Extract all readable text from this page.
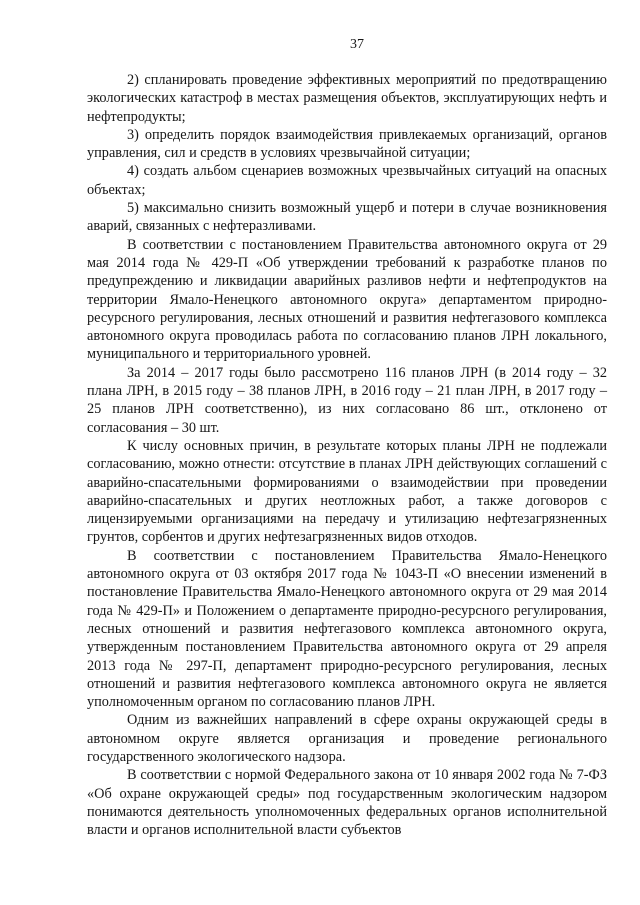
37

2) спланировать проведение эффективных мероприятий по предотвращению экологических катастроф в местах размещения объектов, эксплуатирующих нефть и нефтепродукты;

3) определить порядок взаимодействия привлекаемых организаций, органов управления, сил и средств в условиях чрезвычайной ситуации;

4) создать альбом сценариев возможных чрезвычайных ситуаций на опасных объектах;

5) максимально снизить возможный ущерб и потери в случае возникновения аварий, связанных с нефтеразливами.

В соответствии с постановлением Правительства автономного округа от 29 мая 2014 года № 429-П «Об утверждении требований к разработке планов по предупреждению и ликвидации аварийных разливов нефти и нефтепродуктов на территории Ямало-Ненецкого автономного округа» департаментом природно-ресурсного регулирования, лесных отношений и развития нефтегазового комплекса автономного округа проводилась работа по согласованию планов ЛРН локального, муниципального и территориального уровней.

За 2014 – 2017 годы было рассмотрено 116 планов ЛРН (в 2014 году – 32 плана ЛРН, в 2015 году – 38 планов ЛРН, в 2016 году – 21 план ЛРН, в 2017 году – 25 планов ЛРН соответственно), из них согласовано 86 шт., отклонено от согласования – 30 шт.

К числу основных причин, в результате которых планы ЛРН не подлежали согласованию, можно отнести: отсутствие в планах ЛРН действующих соглашений с аварийно-спасательными формированиями о взаимодействии при проведении аварийно-спасательных и других неотложных работ, а также договоров с лицензируемыми организациями на передачу и утилизацию нефтезагрязненных грунтов, сорбентов и других нефтезагрязненных видов отходов.

В соответствии с постановлением Правительства Ямало-Ненецкого автономного округа от 03 октября 2017 года № 1043-П «О внесении изменений в постановление Правительства Ямало-Ненецкого автономного округа от 29 мая 2014 года № 429-П» и Положением о департаменте природно-ресурсного регулирования, лесных отношений и развития нефтегазового комплекса автономного округа, утвержденным постановлением Правительства автономного округа от 29 апреля 2013 года № 297-П, департамент природно-ресурсного регулирования, лесных отношений и развития нефтегазового комплекса автономного округа не является уполномоченным органом по согласованию планов ЛРН.

Одним из важнейших направлений в сфере охраны окружающей среды в автономном округе является организация и проведение регионального государственного экологического надзора.

В соответствии с нормой Федерального закона от 10 января 2002 года № 7-ФЗ «Об охране окружающей среды» под государственным экологическим надзором понимаются деятельность уполномоченных федеральных органов исполнительной власти и органов исполнительной власти субъектов
